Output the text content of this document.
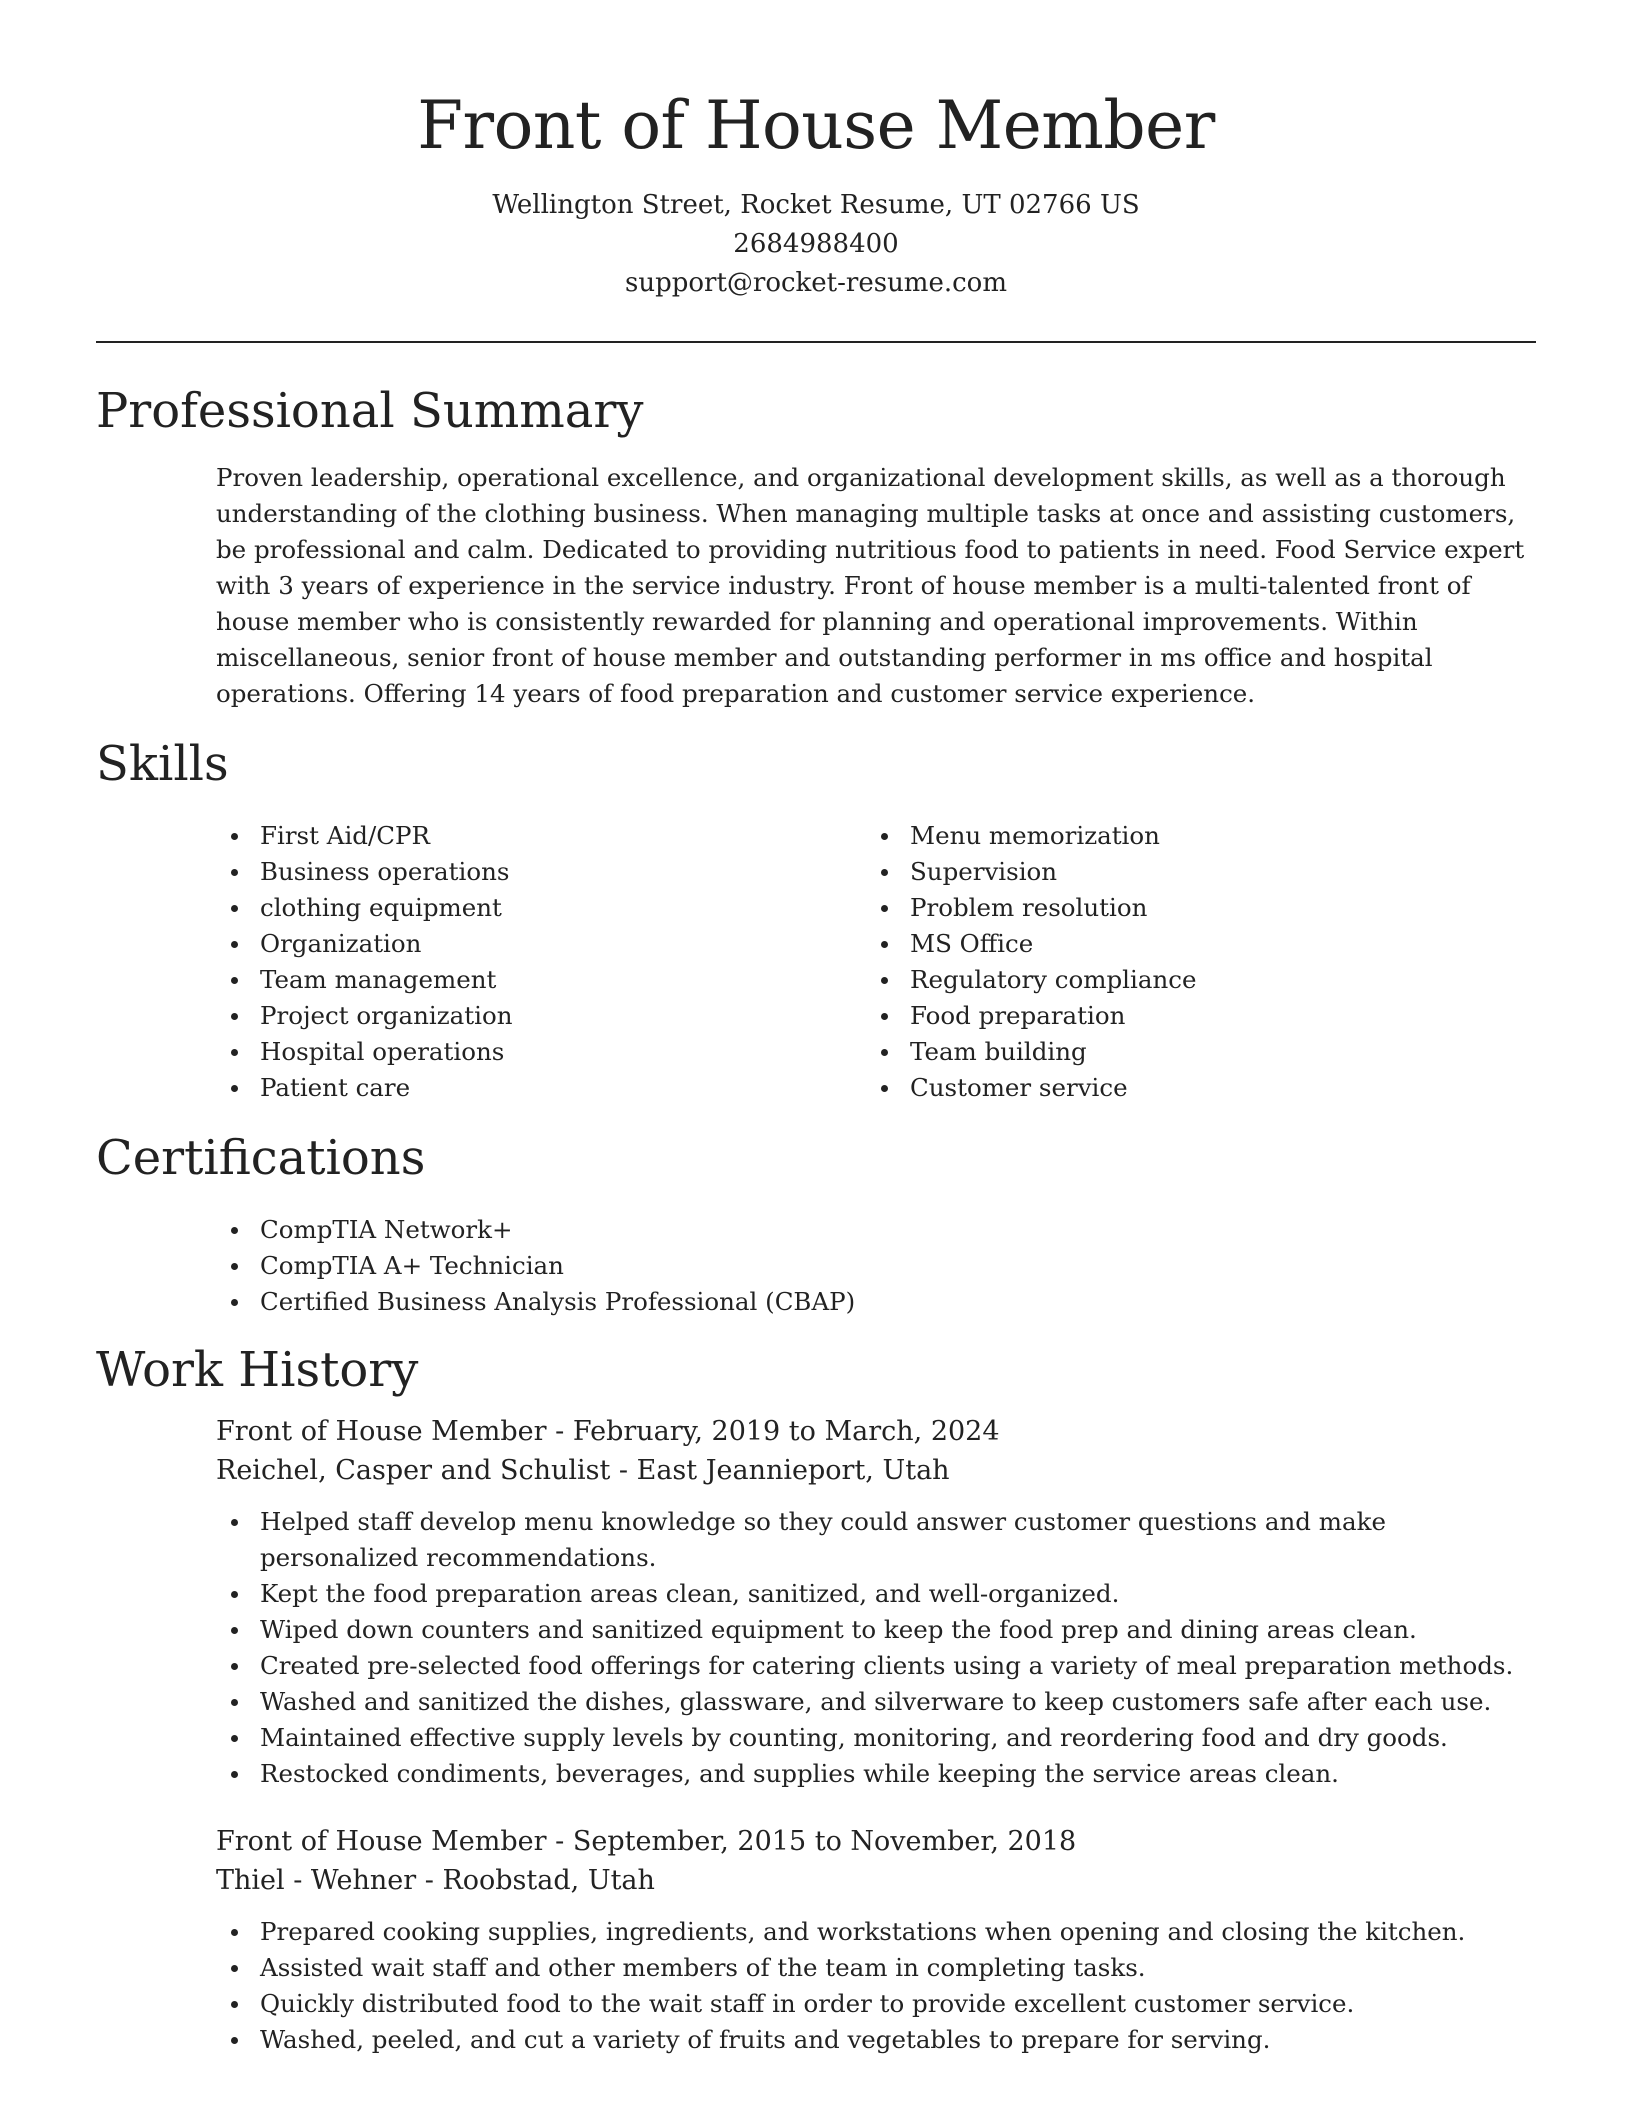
Front of House Member
Wellington Street, Rocket Resume, UT 02766 US
2684988400
support@rocket-resume.com
Professional Summary

Proven leadership, operational excellence, and organizational development skills, as well as a thorough understanding of the clothing business. When managing multiple tasks at once and assisting customers, be professional and calm. Dedicated to providing nutritious food to patients in need. Food Service expert with 3 years of experience in the service industry. Front of house member is a multi-talented front of house member who is consistently rewarded for planning and operational improvements. Within miscellaneous, senior front of house member and outstanding performer in ms office and hospital operations. Offering 14 years of food preparation and customer service experience.

Skills
First Aid/CPR
Business operations
clothing equipment
Organization
Team management
Project organization
Hospital operations
Patient care
Menu memorization
Supervision
Problem resolution
MS Office
Regulatory compliance
Food preparation
Team building
Customer service
Certifications
CompTIA Network+
CompTIA A+ Technician
Certified Business Analysis Professional (CBAP)
Work History
Front of House Member - February, 2019 to March, 2024
Reichel, Casper and Schulist - East Jeannieport, Utah
Helped staff develop menu knowledge so they could answer customer questions and make personalized recommendations.
Kept the food preparation areas clean, sanitized, and well-organized.
Wiped down counters and sanitized equipment to keep the food prep and dining areas clean.
Created pre-selected food offerings for catering clients using a variety of meal preparation methods.
Washed and sanitized the dishes, glassware, and silverware to keep customers safe after each use.
Maintained effective supply levels by counting, monitoring, and reordering food and dry goods.
Restocked condiments, beverages, and supplies while keeping the service areas clean.
Front of House Member - September, 2015 to November, 2018
Thiel - Wehner - Roobstad, Utah
Prepared cooking supplies, ingredients, and workstations when opening and closing the kitchen.
Assisted wait staff and other members of the team in completing tasks.
Quickly distributed food to the wait staff in order to provide excellent customer service.
Washed, peeled, and cut a variety of fruits and vegetables to prepare for serving.
